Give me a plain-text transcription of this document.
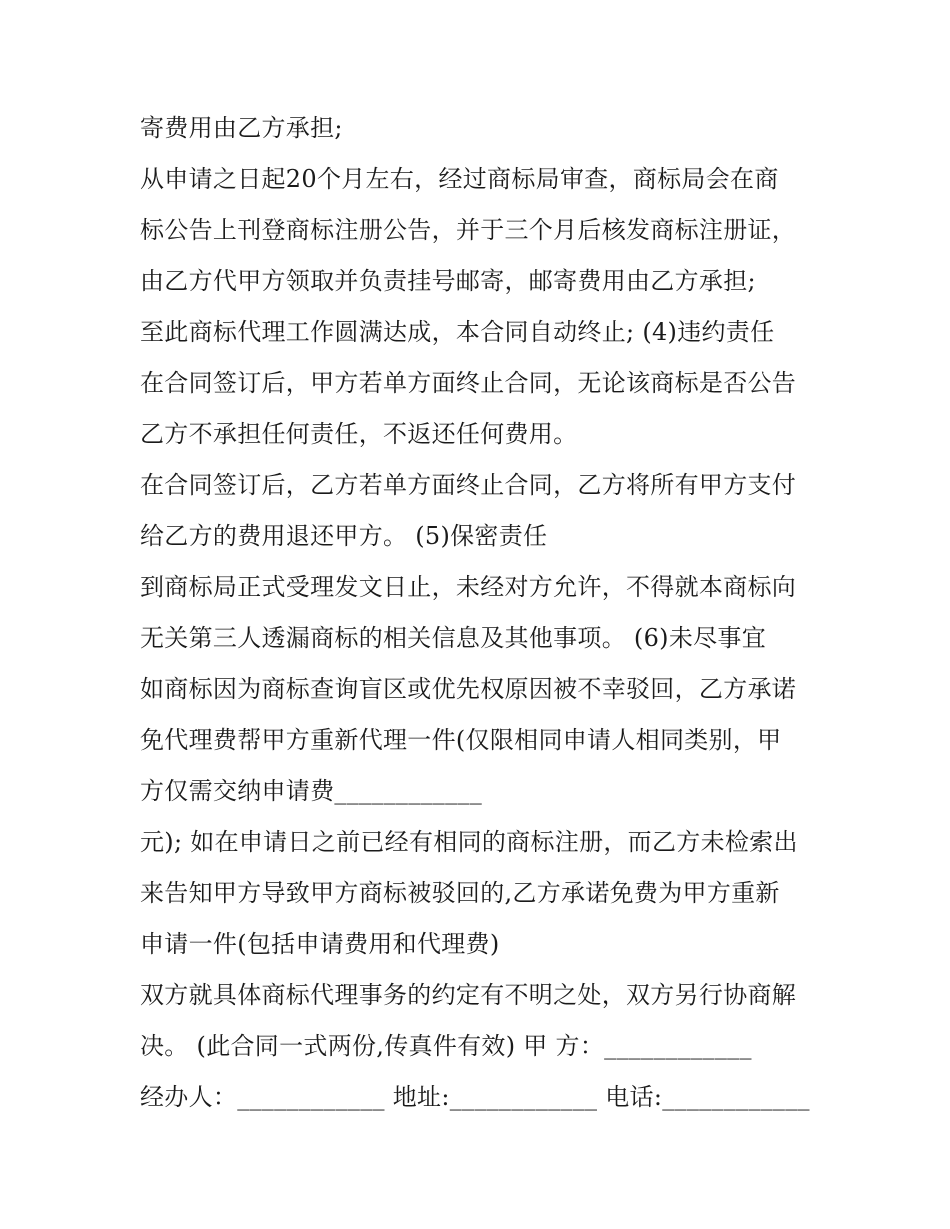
寄费用由乙方承担;
从申请之日起20个月左右，经过商标局审查，商标局会在商
标公告上刊登商标注册公告，并于三个月后核发商标注册证，
由乙方代甲方领取并负责挂号邮寄，邮寄费用由乙方承担;
至此商标代理工作圆满达成，本合同自动终止; (4)违约责任
在合同签订后，甲方若单方面终止合同，无论该商标是否公告
乙方不承担任何责任，不返还任何费用。
在合同签订后，乙方若单方面终止合同，乙方将所有甲方支付
给乙方的费用退还甲方。 (5)保密责任
到商标局正式受理发文日止，未经对方允许，不得就本商标向
无关第三人透漏商标的相关信息及其他事项。 (6)未尽事宜
如商标因为商标查询盲区或优先权原因被不幸驳回，乙方承诺
免代理费帮甲方重新代理一件(仅限相同申请人相同类别，甲
方仅需交纳申请费____________
元); 如在申请日之前已经有相同的商标注册，而乙方未检索出
来告知甲方导致甲方商标被驳回的,乙方承诺免费为甲方重新
申请一件(包括申请费用和代理费)
双方就具体商标代理事务的约定有不明之处，双方另行协商解
决。 (此合同一式两份,传真件有效) 甲 方：____________
经办人：____________ 地址:____________ 电话:____________
